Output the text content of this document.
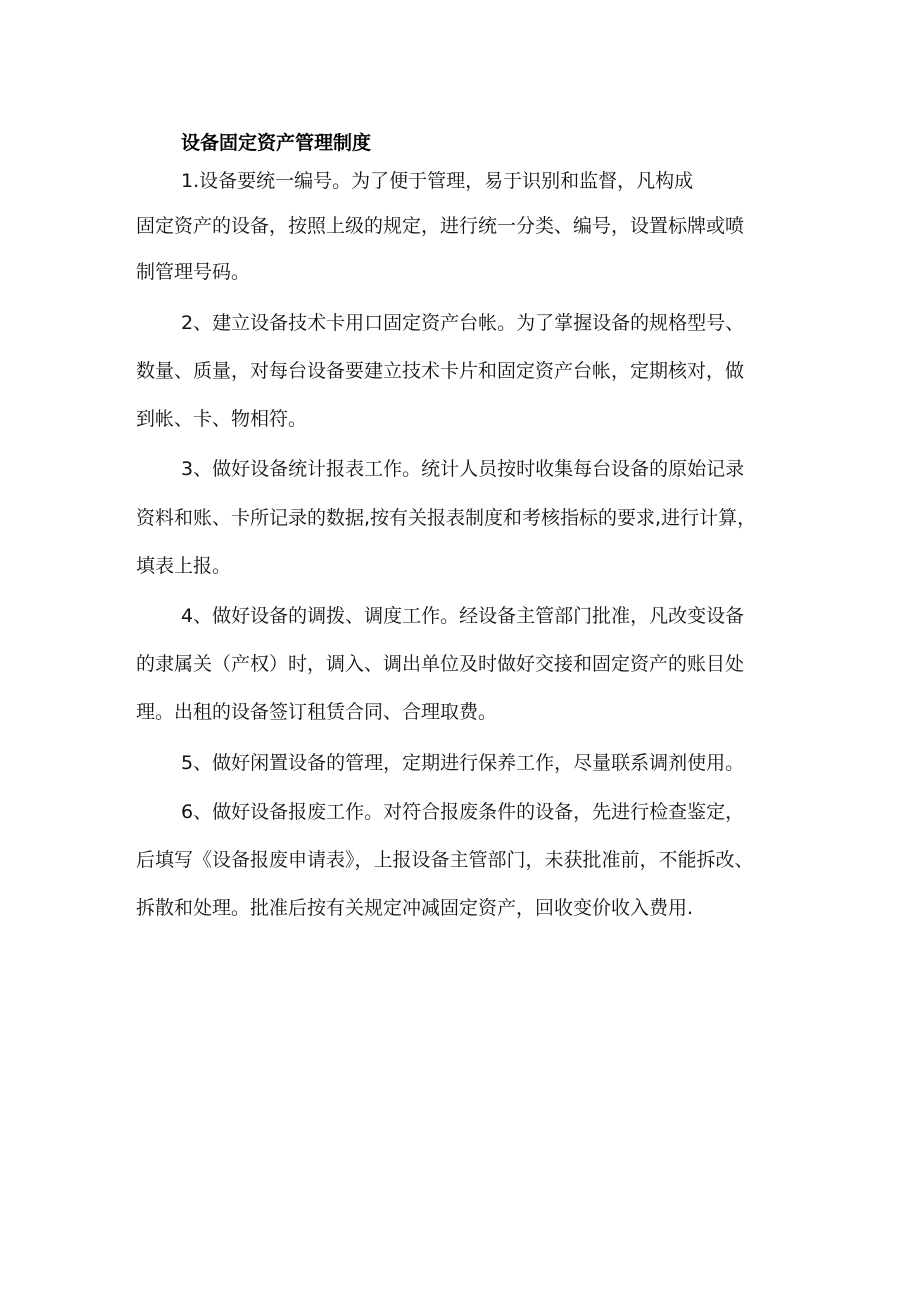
设备固定资产管理制度
1.设备要统一编号。为了便于管理，易于识别和监督，凡构成
固定资产的设备，按照上级的规定，进行统一分类、编号，设置标牌或喷
制管理号码。
2、建立设备技术卡用口固定资产台帐。为了掌握设备的规格型号、
数量、质量，对每台设备要建立技术卡片和固定资产台帐，定期核对，做
到帐、卡、物相符。
3、做好设备统计报表工作。统计人员按时收集每台设备的原始记录
资料和账、卡所记录的数据,按有关报表制度和考核指标的要求,进行计算，
填表上报。
4、做好设备的调拨、调度工作。经设备主管部门批准，凡改变设备
的隶属关（产权）时，调入、调出单位及时做好交接和固定资产的账目处
理。出租的设备签订租赁合同、合理取费。
5、做好闲置设备的管理，定期进行保养工作，尽量联系调剂使用。
6、做好设备报废工作。对符合报废条件的设备，先进行检查鉴定，
后填写《设备报废申请表》，上报设备主管部门，未获批准前，不能拆改、
拆散和处理。批准后按有关规定冲减固定资产，回收变价收入费用.
